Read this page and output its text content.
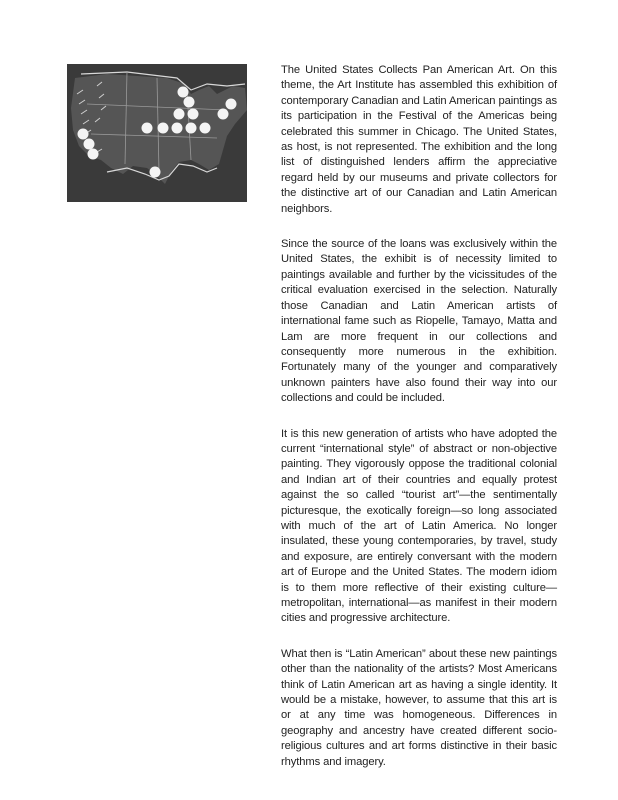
The United States Collects Pan American Art. On this theme, the Art Institute has assembled this exhibition of contemporary Canadian and Latin American paintings as its participation in the Festival of the Americas being celebrated this summer in Chicago. The United States, as host, is not represented. The exhibition and the long list of distinguished lenders affirm the appreciative regard held by our museums and private collectors for the distinctive art of our Canadian and Latin American neighbors.

Since the source of the loans was exclusively within the United States, the exhibit is of necessity limited to paintings available and further by the vicissitudes of the critical evaluation exercised in the selection. Naturally those Canadian and Latin American artists of international fame such as Riopelle, Tamayo, Matta and Lam are more frequent in our collections and consequently more numerous in the exhibition. Fortunately many of the younger and comparatively unknown painters have also found their way into our collections and could be included.

It is this new generation of artists who have adopted the current “international style” of abstract or non-objective painting. They vigorously oppose the traditional colonial and Indian art of their countries and equally protest against the so called “tourist art”—the sentimentally picturesque, the exotically foreign—so long associated with much of the art of Latin America. No longer insulated, these young contemporaries, by travel, study and exposure, are entirely conversant with the modern art of Europe and the United States. The modern idiom is to them more reflective of their existing culture—metropolitan, international—as manifest in their modern cities and progressive architecture.

What then is “Latin American” about these new paintings other than the nationality of the artists? Most Americans think of Latin American art as having a single identity. It would be a mistake, however, to assume that this art is or at any time was homogeneous. Differences in geography and ancestry have created different socio-religious cultures and art forms distinctive in their basic rhythms and imagery.
